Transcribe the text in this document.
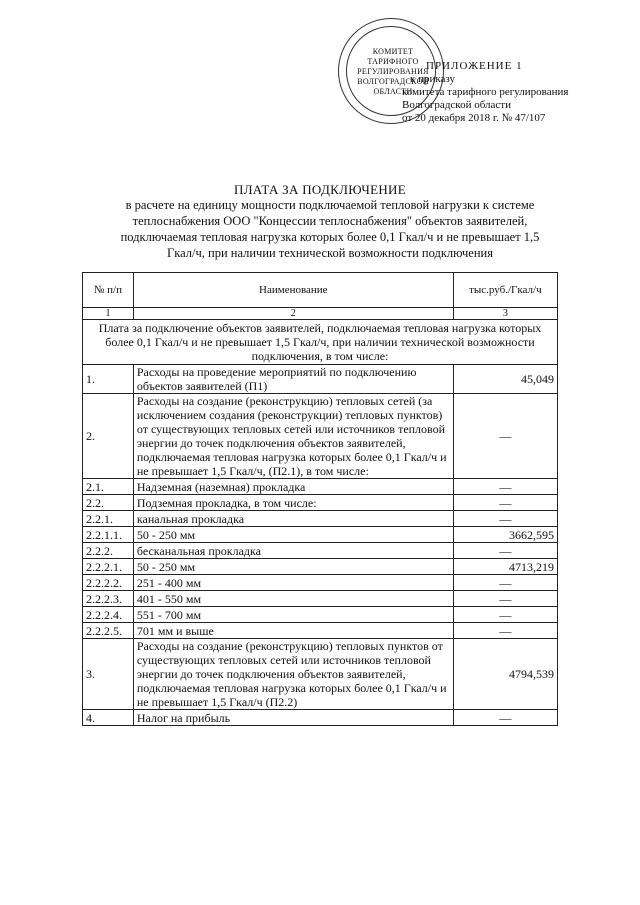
КОМИТЕТ
ТАРИФНОГО
РЕГУЛИРОВАНИЯ
ВОЛГОГРАДСКОЙ
ОБЛАСТИ
ПРИЛОЖЕНИЕ 1
к приказу
комитета тарифного регулирования
Волгоградской области
от 20 декабря 2018 г. № 47/107
ПЛАТА ЗА ПОДКЛЮЧЕНИЕ
в расчете на единицу мощности подключаемой тепловой нагрузки к системе теплоснабжения ООО "Концессии теплоснабжения" объектов заявителей, подключаемая тепловая нагрузка которых более 0,1 Гкал/ч и не превышает 1,5 Гкал/ч, при наличии технической возможности подключения
№ п/п	Наименование	тыс.руб./Гкал/ч
1	2	3
Плата за подключение объектов заявителей, подключаемая тепловая нагрузка которых более 0,1 Гкал/ч и не превышает 1,5 Гкал/ч, при наличии технической возможности подключения, в том числе:		
1.	Расходы на проведение мероприятий по подключению объектов заявителей (П1)	45,049
2.	Расходы на создание (реконструкцию) тепловых сетей (за исключением создания (реконструкции) тепловых пунктов) от существующих тепловых сетей или источников тепловой энергии до точек подключения объектов заявителей, подключаемая тепловая нагрузка которых более 0,1 Гкал/ч и не превышает 1,5 Гкал/ч, (П2.1), в том числе:	—
2.1.	Надземная (наземная) прокладка	—
2.2.	Подземная прокладка, в том числе:	—
2.2.1.	канальная прокладка	—
2.2.1.1.	50 - 250 мм	3662,595
2.2.2.	бесканальная прокладка	—
2.2.2.1.	50 - 250 мм	4713,219
2.2.2.2.	251 - 400 мм	—
2.2.2.3.	401 - 550 мм	—
2.2.2.4.	551 - 700 мм	—
2.2.2.5.	701 мм и выше	—
3.	Расходы на создание (реконструкцию) тепловых пунктов от существующих тепловых сетей или источников тепловой энергии до точек подключения объектов заявителей, подключаемая тепловая нагрузка которых более 0,1 Гкал/ч и не превышает 1,5 Гкал/ч (П2.2)	4794,539
4.	Налог на прибыль	—
